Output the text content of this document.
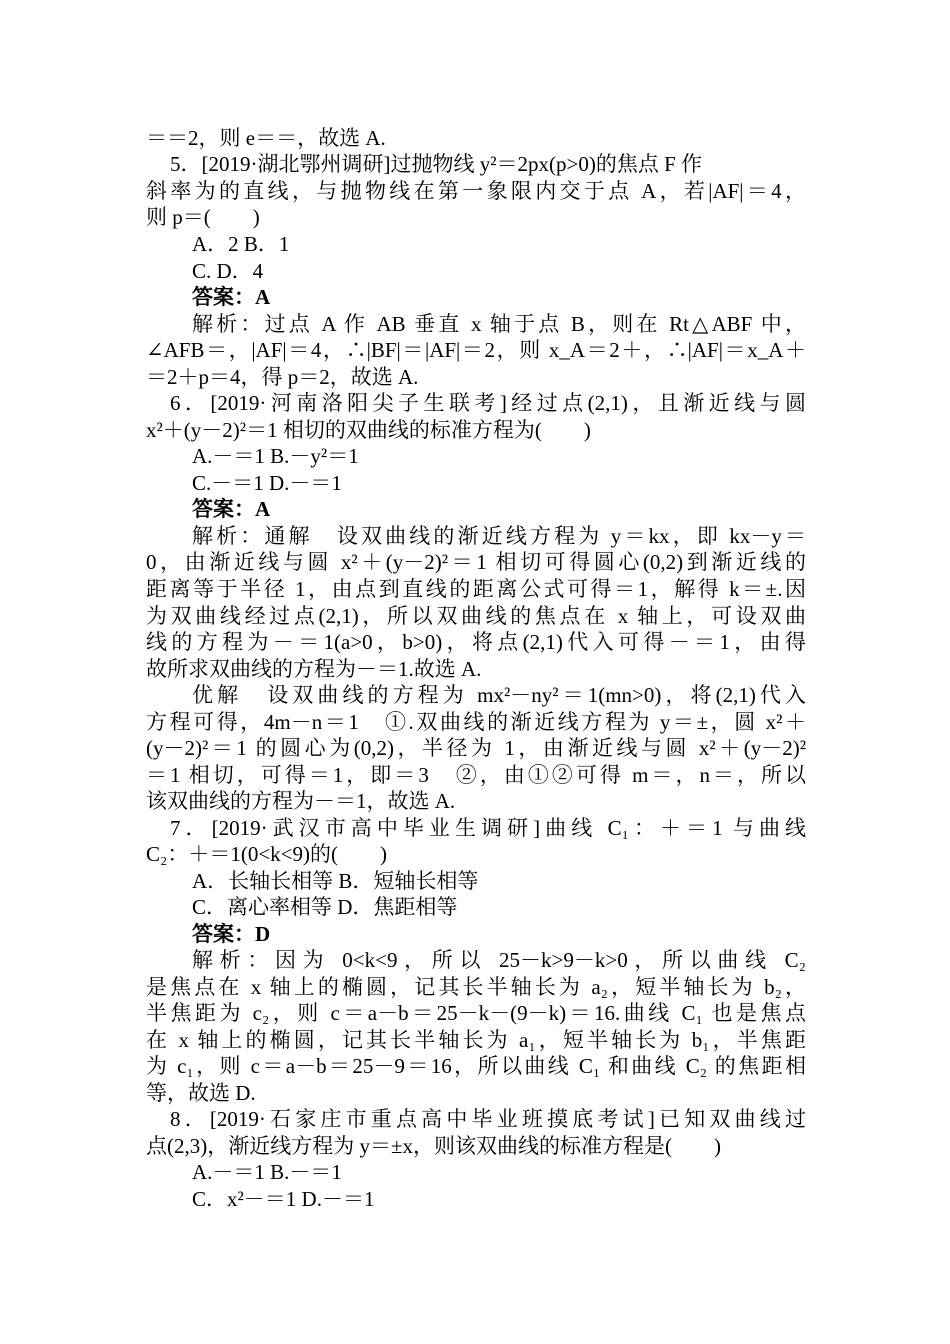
＝＝2，则 e＝＝，故选 A.
5．[2019·湖北鄂州调研]过抛物线 y²＝2px(p>0)的焦点 F 作
斜率为的直线，与抛物线在第一象限内交于点 A，若|AF|＝4，
则 p＝(　　)
A．2 B．1
C. D．4
答案：A
解析：过点 A 作 AB 垂直 x 轴于点 B，则在 Rt△ABF 中，
∠AFB＝，|AF|＝4，∴|BF|＝|AF|＝2，则 x_A＝2＋，∴|AF|＝x_A＋
＝2＋p＝4，得 p＝2，故选 A.
6．[2019·河南洛阳尖子生联考]经过点(2,1)，且渐近线与圆
x²＋(y－2)²＝1 相切的双曲线的标准方程为(　　)
A.－＝1 B.－y²＝1
C.－＝1 D.－＝1
答案：A
解析：通解　设双曲线的渐近线方程为 y＝kx，即 kx－y＝
0，由渐近线与圆 x²＋(y－2)²＝1 相切可得圆心(0,2)到渐近线的
距离等于半径 1，由点到直线的距离公式可得＝1，解得 k＝±.因
为双曲线经过点(2,1)，所以双曲线的焦点在 x 轴上，可设双曲
线的方程为－＝1(a>0，b>0)，将点(2,1)代入可得－＝1，由得
故所求双曲线的方程为－＝1.故选 A.
优解　设双曲线的方程为 mx²－ny²＝1(mn>0)，将(2,1)代入
方程可得，4m－n＝1　①.双曲线的渐近线方程为 y＝±，圆 x²＋
(y－2)²＝1 的圆心为(0,2)，半径为 1，由渐近线与圆 x²＋(y－2)²
＝1 相切，可得＝1，即＝3　②，由①②可得 m＝，n＝，所以
该双曲线的方程为－＝1，故选 A.
7．[2019·武汉市高中毕业生调研]曲线 C₁：＋＝1 与曲线
C₂：＋＝1(0<k<9)的(　　)
A．长轴长相等 B．短轴长相等
C．离心率相等 D．焦距相等
答案：D
解析：因为 0<k<9，所以 25－k>9－k>0，所以曲线 C₂
是焦点在 x 轴上的椭圆，记其长半轴长为 a₂，短半轴长为 b₂，
半焦距为 c₂，则 c＝a－b＝25－k－(9－k)＝16.曲线 C₁ 也是焦点
在 x 轴上的椭圆，记其长半轴长为 a₁，短半轴长为 b₁，半焦距
为 c₁，则 c＝a－b＝25－9＝16，所以曲线 C₁ 和曲线 C₂ 的焦距相
等，故选 D.
8．[2019·石家庄市重点高中毕业班摸底考试]已知双曲线过
点(2,3)，渐近线方程为 y＝±x，则该双曲线的标准方程是(　　)
A.－＝1 B.－＝1
C．x²－＝1 D.－＝1
